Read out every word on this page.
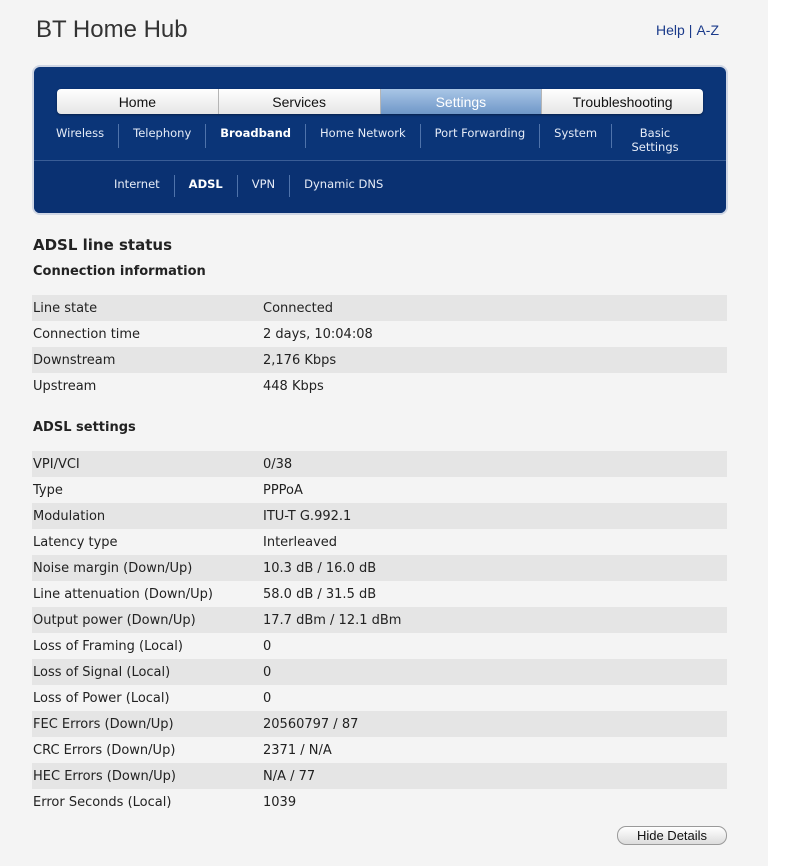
BT Home Hub	Help | A-Z
Home	Services	Settings	Troubleshooting
Wireless	Telephony	Broadband	Home Network	Port Forwarding	System	Basic Settings
Internet	ADSL	VPN	Dynamic DNS
ADSL line status
Connection information
Line state	Connected
Connection time	2 days, 10:04:08
Downstream	2,176 Kbps
Upstream	448 Kbps
ADSL settings
VPI/VCI	0/38
Type	PPPoA
Modulation	ITU-T G.992.1
Latency type	Interleaved
Noise margin (Down/Up)	10.3 dB / 16.0 dB
Line attenuation (Down/Up)	58.0 dB / 31.5 dB
Output power (Down/Up)	17.7 dBm / 12.1 dBm
Loss of Framing (Local)	0
Loss of Signal (Local)	0
Loss of Power (Local)	0
FEC Errors (Down/Up)	20560797 / 87
CRC Errors (Down/Up)	2371 / N/A
HEC Errors (Down/Up)	N/A / 77
Error Seconds (Local)	1039
Hide Details
